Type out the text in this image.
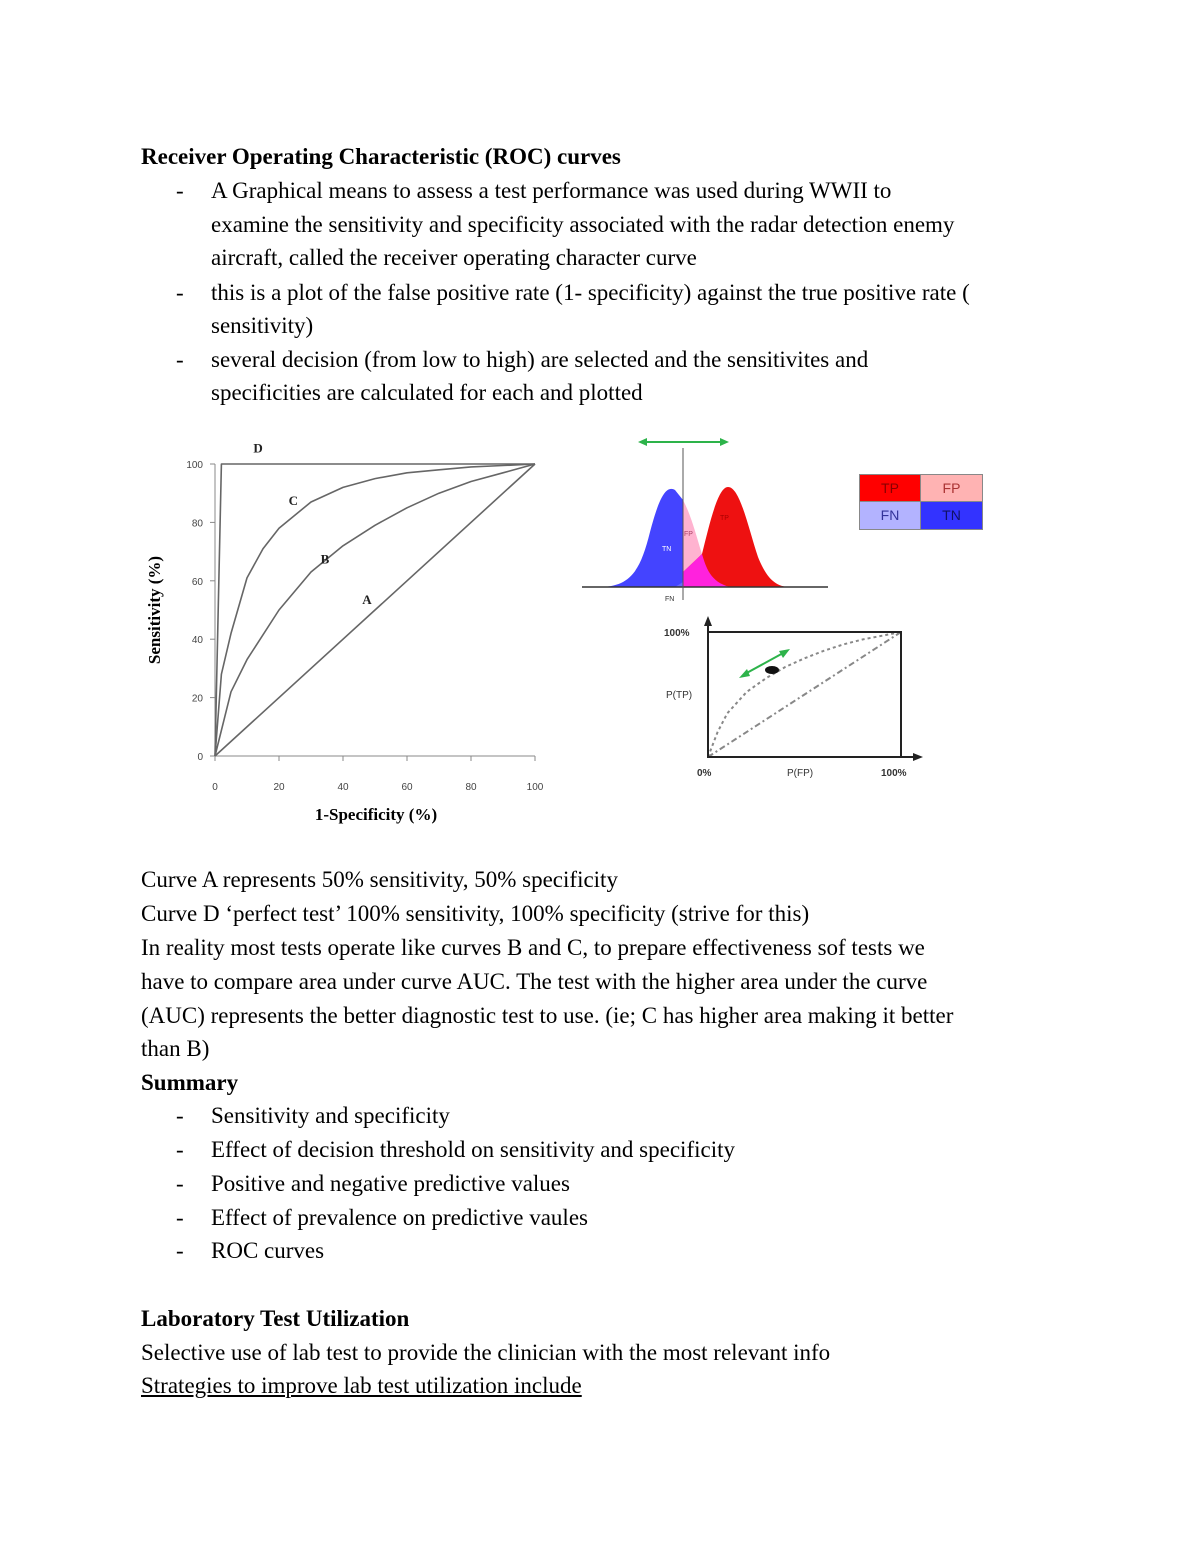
Receiver Operating Characteristic (ROC) curves
- A Graphical means to assess a test performance was used during WWII to
examine the sensitivity and specificity associated with the radar detection enemy
aircraft, called the receiver operating character curve
- this is a plot of the false positive rate (1- specificity) against the true positive rate (
sensitivity)
- several decision (from low to high) are selected and the sensitivites and
specificities are calculated for each and plotted
0	20	40	60	80	100
0
20
40
60
80
100
A
B
C
D
1-Specificity (%)
Sensitivity (%)
TN
FP
TP
FN
TP	FP
FN	TN
100%
P(TP)
0%	P(FP)	100%
Curve A represents 50% sensitivity, 50% specificity
Curve D ‘perfect test’ 100% sensitivity, 100% specificity (strive for this)
In reality most tests operate like curves B and C, to prepare effectiveness sof tests we
have to compare area under curve AUC. The test with the higher area under the curve
(AUC) represents the better diagnostic test to use. (ie; C has higher area making it better
than B)
Summary
- Sensitivity and specificity
- Effect of decision threshold on sensitivity and specificity
- Positive and negative predictive values
- Effect of prevalence on predictive vaules
- ROC curves
Laboratory Test Utilization
Selective use of lab test to provide the clinician with the most relevant info
Strategies to improve lab test utilization include
